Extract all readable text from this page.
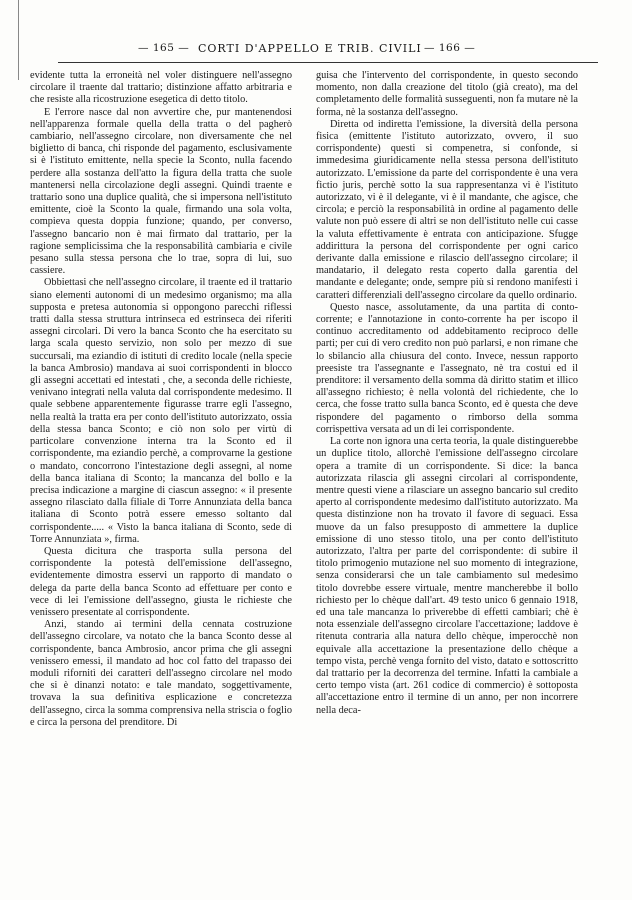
— 165 — CORTI D'APPELLO E TRIB. CIVILI — 166 —

evidente tutta la erroneità nel voler distinguere nell'assegno circolare il traente dal trattario; distinzione affatto arbitraria e che resiste alla ricostruzione esegetica di detto titolo.

E l'errore nasce dal non avvertire che, pur mantenendosi nell'apparenza formale quella della tratta o del pagherò cambiario, nell'assegno circolare, non diversamente che nel biglietto di banca, chi risponde del pagamento, esclusivamente si è l'istituto emittente, nella specie la Sconto, nulla facendo perdere alla sostanza dell'atto la figura della tratta che suole mantenersi nella circolazione degli assegni. Quindi traente e trattario sono una duplice qualità, che si impersona nell'istituto emittente, cioè la Sconto la quale, firmando una sola volta, compieva questa doppia funzione; quando, per converso, l'assegno bancario non è mai firmato dal trattario, per la ragione semplicissima che la responsabilità cambiaria e civile pesano sulla stessa persona che lo trae, sopra di lui, suo cassiere.

Obbiettasi che nell'assegno circolare, il traente ed il trattario siano elementi autonomi di un medesimo organismo; ma alla supposta e pretesa autonomia si oppongono parecchi riflessi tratti dalla stessa struttura intrinseca ed estrinseca dei riferiti assegni circolari. Di vero la banca Sconto che ha esercitato su larga scala questo servizio, non solo per mezzo di sue succursali, ma eziandio di istituti di credito locale (nella specie la banca Ambrosio) mandava ai suoi corrispondenti in blocco gli assegni accettati ed intestati , che, a seconda delle richieste, venivano integrati nella valuta dal corrispondente medesimo. Il quale sebbene apparentemente figurasse trarre egli l'assegno, nella realtà la tratta era per conto dell'istituto autorizzato, ossia della stessa banca Sconto; e ciò non solo per virtù di particolare convenzione interna tra la Sconto ed il corrispondente, ma eziandio perchè, a comprovarne la gestione o mandato, concorrono l'intestazione degli assegni, al nome della banca italiana di Sconto; la mancanza del bollo e la precisa indicazione a margine di ciascun assegno: « il presente assegno rilasciato dalla filiale di Torre Annunziata della banca italiana di Sconto potrà essere emesso soltanto dal corrispondente..... « Visto la banca italiana di Sconto, sede di Torre Annunziata », firma.

Questa dicitura che trasporta sulla persona del corrispondente la potestà dell'emissione dell'assegno, evidentemente dimostra esservi un rapporto di mandato o delega da parte della banca Sconto ad effettuare per conto e vece di lei l'emissione dell'assegno, giusta le richieste che venissero presentate al corrispondente.

Anzi, stando ai termini della cennata costruzione dell'assegno circolare, va notato che la banca Sconto desse al corrispondente, banca Ambrosio, ancor prima che gli assegni venissero emessi, il mandato ad hoc col fatto del trapasso dei moduli rifornitì dei caratteri dell'assegno circolare nel modo che si è dinanzi notato: e tale mandato, soggettivamente, trovava la sua definitiva esplicazione e concretezza dell'assegno, circa la somma comprensiva nella striscia o foglio e circa la persona del prenditore. Di

guisa che l'intervento del corrispondente, in questo secondo momento, non dalla creazione del titolo (già creato), ma del completamento delle formalità susseguenti, non fa mutare nè la forma, nè la sostanza dell'assegno.

Diretta od indiretta l'emissione, la diversità della persona fisica (emittente l'istituto autorizzato, ovvero, il suo corrispondente) questi si compenetra, si confonde, si immedesima giuridicamente nella stessa persona dell'istituto autorizzato. L'emissione da parte del corrispondente è una vera fictio juris, perchè sotto la sua rappresentanza vi è l'istituto autorizzato, vi è il delegante, vi è il mandante, che agisce, che circola; e perciò la responsabilità in ordine al pagamento delle valute non può essere di altri se non dell'istituto nelle cui casse la valuta effettivamente è entrata con anticipazione. Sfugge addirittura la persona del corrispondente per ogni carico derivante dalla emissione e rilascio dell'assegno circolare; il mandatario, il delegato resta coperto dalla garentia del mandante e delegante; onde, sempre più si rendono manifesti i caratteri differenziali dell'assegno circolare da quello ordinario.

Questo nasce, assolutamente, da una partita di conto-corrente; e l'annotazione in conto-corrente ha per iscopo il continuo accreditamento od addebitamento reciproco delle parti; per cui di vero credito non può parlarsi, e non rimane che lo sbilancio alla chiusura del conto. Invece, nessun rapporto preesiste tra l'assegnante e l'assegnato, nè tra costui ed il prenditore: il versamento della somma dà diritto statim et illico all'assegno richiesto; è nella volontà del richiedente, che lo cerca, che fosse tratto sulla banca Sconto, ed è questa che deve rispondere del pagamento o rimborso della somma corrispettiva versata ad un di lei corrispondente.

La corte non ignora una certa teoria, la quale distinguerebbe un duplice titolo, allorchè l'emissione dell'assegno circolare opera a tramite di un corrispondente. Si dice: la banca autorizzata rilascia gli assegni circolari al corrispondente, mentre questi viene a rilasciare un assegno bancario sul credito aperto al corrispondente medesimo dall'istituto autorizzato. Ma questa distinzione non ha trovato il favore di seguaci. Essa muove da un falso presupposto di ammettere la duplice emissione di uno stesso titolo, una per conto dell'istituto autorizzato, l'altra per parte del corrispondente: di subire il titolo primogenio mutazione nel suo momento di integrazione, senza considerarsi che un tale cambiamento sul medesimo titolo dovrebbe essere virtuale, mentre mancherebbe il bollo richiesto per lo chèque dall'art. 49 testo unico 6 gennaio 1918, ed una tale mancanza lo priverebbe di effetti cambiari; chè è nota essenziale dell'assegno circolare l'accettazione; laddove è ritenuta contraria alla natura dello chèque, imperocchè non equivale alla accettazione la presentazione dello chèque a tempo vista, perchè venga fornito del visto, datato e sottoscritto dal trattario per la decorrenza del termine. Infatti la cambiale a certo tempo vista (art. 261 codice di commercio) è sottoposta all'accettazione entro il termine di un anno, per non incorrere nella deca-
